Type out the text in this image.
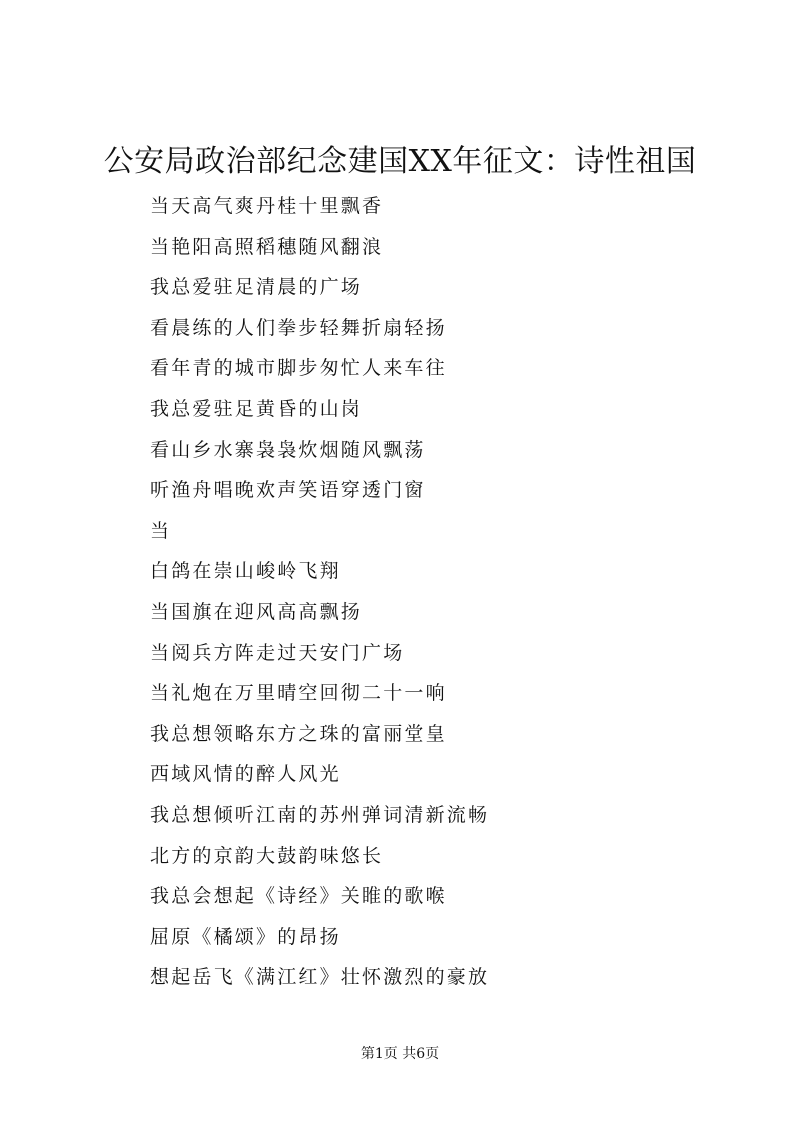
公安局政治部纪念建国XX年征文：诗性祖国
当天高气爽丹桂十里飘香
当艳阳高照稻穗随风翻浪
我总爱驻足清晨的广场
看晨练的人们拳步轻舞折扇轻扬
看年青的城市脚步匆忙人来车往
我总爱驻足黄昏的山岗
看山乡水寨袅袅炊烟随风飘荡
听渔舟唱晚欢声笑语穿透门窗
当
白鸽在崇山峻岭飞翔
当国旗在迎风高高飘扬
当阅兵方阵走过天安门广场
当礼炮在万里晴空回彻二十一响
我总想领略东方之珠的富丽堂皇
西域风情的醉人风光
我总想倾听江南的苏州弹词清新流畅
北方的京韵大鼓韵味悠长
我总会想起《诗经》关睢的歌喉
屈原《橘颂》的昂扬
想起岳飞《满江红》壮怀激烈的豪放
第1页 共6页
